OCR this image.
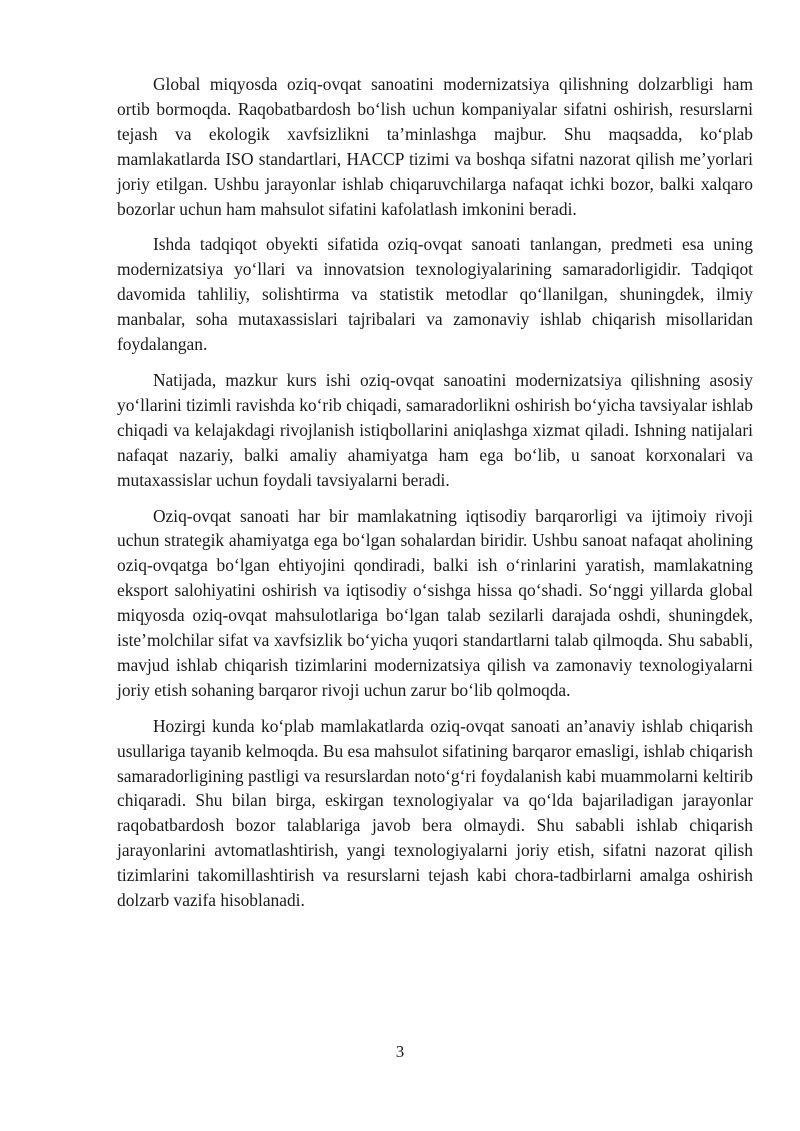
Global miqyosda oziq-ovqat sanoatini modernizatsiya qilishning dolzarbligi ham ortib bormoqda. Raqobatbardosh bo‘lish uchun kompaniyalar sifatni oshirish, resurslarni tejash va ekologik xavfsizlikni ta’minlashga majbur. Shu maqsadda, ko‘plab mamlakatlarda ISO standartlari, HACCP tizimi va boshqa sifatni nazorat qilish me’yorlari joriy etilgan. Ushbu jarayonlar ishlab chiqaruvchilarga nafaqat ichki bozor, balki xalqaro bozorlar uchun ham mahsulot sifatini kafolatlash imkonini beradi.

Ishda tadqiqot obyekti sifatida oziq-ovqat sanoati tanlangan, predmeti esa uning modernizatsiya yo‘llari va innovatsion texnologiyalarining samaradorligidir. Tadqiqot davomida tahliliy, solishtirma va statistik metodlar qo‘llanilgan, shuningdek, ilmiy manbalar, soha mutaxassislari tajribalari va zamonaviy ishlab chiqarish misollaridan foydalangan.

Natijada, mazkur kurs ishi oziq-ovqat sanoatini modernizatsiya qilishning asosiy yo‘llarini tizimli ravishda ko‘rib chiqadi, samaradorlikni oshirish bo‘yicha tavsiyalar ishlab chiqadi va kelajakdagi rivojlanish istiqbollarini aniqlashga xizmat qiladi. Ishning natijalari nafaqat nazariy, balki amaliy ahamiyatga ham ega bo‘lib, u sanoat korxonalari va mutaxassislar uchun foydali tavsiyalarni beradi.

Oziq-ovqat sanoati har bir mamlakatning iqtisodiy barqarorligi va ijtimoiy rivoji uchun strategik ahamiyatga ega bo‘lgan sohalardan biridir. Ushbu sanoat nafaqat aholining oziq-ovqatga bo‘lgan ehtiyojini qondiradi, balki ish o‘rinlarini yaratish, mamlakatning eksport salohiyatini oshirish va iqtisodiy o‘sishga hissa qo‘shadi. So‘nggi yillarda global miqyosda oziq-ovqat mahsulotlariga bo‘lgan talab sezilarli darajada oshdi, shuningdek, iste’molchilar sifat va xavfsizlik bo‘yicha yuqori standartlarni talab qilmoqda. Shu sababli, mavjud ishlab chiqarish tizimlarini modernizatsiya qilish va zamonaviy texnologiyalarni joriy etish sohaning barqaror rivoji uchun zarur bo‘lib qolmoqda.

Hozirgi kunda ko‘plab mamlakatlarda oziq-ovqat sanoati an’anaviy ishlab chiqarish usullariga tayanib kelmoqda. Bu esa mahsulot sifatining barqaror emasligi, ishlab chiqarish samaradorligining pastligi va resurslardan noto‘g‘ri foydalanish kabi muammolarni keltirib chiqaradi. Shu bilan birga, eskirgan texnologiyalar va qo‘lda bajariladigan jarayonlar raqobatbardosh bozor talablariga javob bera olmaydi. Shu sababli ishlab chiqarish jarayonlarini avtomatlashtirish, yangi texnologiyalarni joriy etish, sifatni nazorat qilish tizimlarini takomillashtirish va resurslarni tejash kabi chora-tadbirlarni amalga oshirish dolzarb vazifa hisoblanadi.

3
